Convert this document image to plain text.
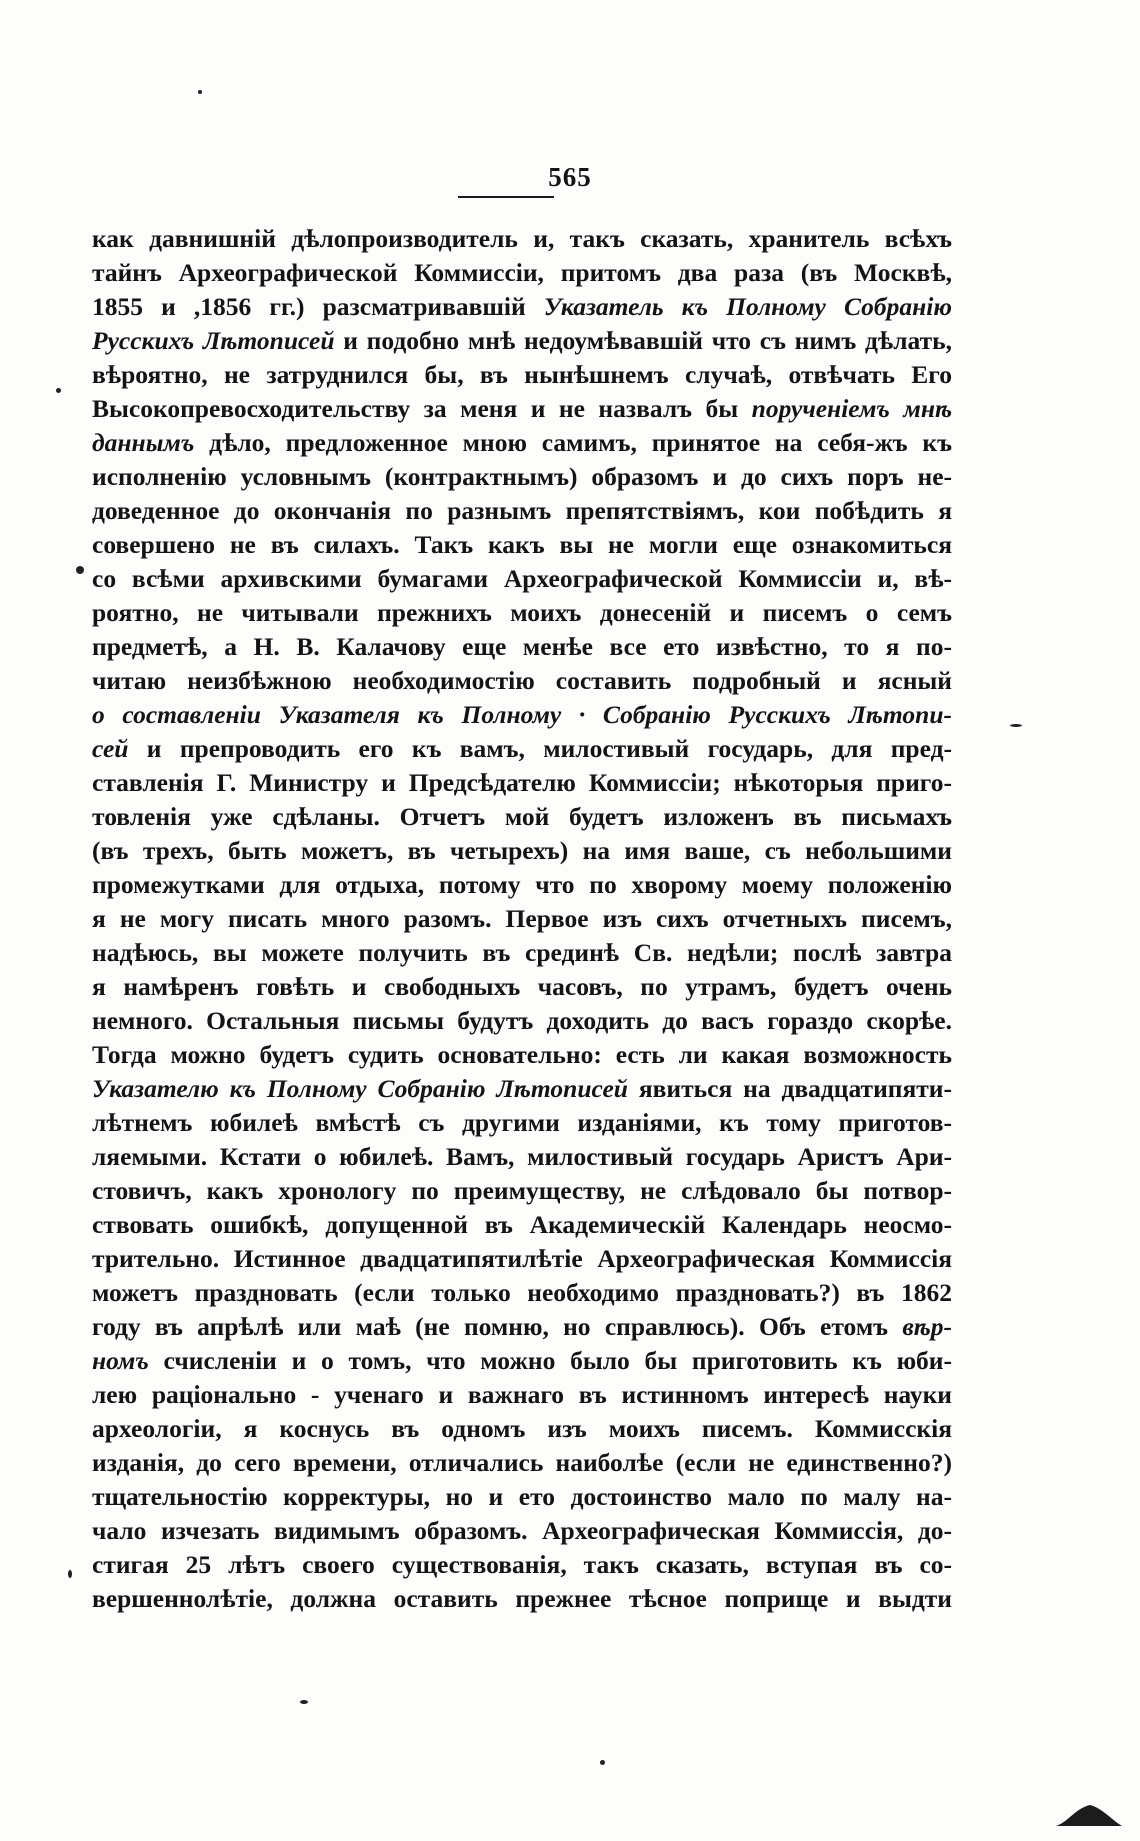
565
как давнишній дѣлопроизводитель и, такъ сказать, хранитель всѣхъ
тайнъ Археографической Коммиссіи, притомъ два раза (въ Москвѣ,
1855 и ,1856 гг.) разсматривавшій Указатель къ Полному Собранію
Русскихъ Лѣтописей и подобно мнѣ недоумѣвавшій что съ нимъ дѣлать,
вѣроятно, не затруднился бы, въ нынѣшнемъ случаѣ, отвѣчать Его
Высокопревосходительству за меня и не назвалъ бы порученіемъ мнѣ
даннымъ дѣло, предложенное мною самимъ, принятое на себя-жъ къ
исполненію условнымъ (контрактнымъ) образомъ и до сихъ поръ не-
доведенное до окончанія по разнымъ препятствіямъ, кои побѣдить я
совершено не въ силахъ. Такъ какъ вы не могли еще ознакомиться
со всѣми архивскими бумагами Археографической Коммиссіи и, вѣ-
роятно, не читывали прежнихъ моихъ донесеній и писемъ о семъ
предметѣ, а Н. В. Калачову еще менѣе все ето извѣстно, то я по-
читаю неизбѣжною необходимостію составить подробный и ясный
о составленіи Указателя къ Полному · Собранію Русскихъ Лѣтопи-
сей и препроводить его къ вамъ, милостивый государь, для пред-
ставленія Г. Министру и Предсѣдателю Коммиссіи; нѣкоторыя приго-
товленія уже сдѣланы. Отчетъ мой будетъ изложенъ въ письмахъ
(въ трехъ, быть можетъ, въ четырехъ) на имя ваше, съ небольшими
промежутками для отдыха, потому что по хворому моему положенію
я не могу писать много разомъ. Первое изъ сихъ отчетныхъ писемъ,
надѣюсь, вы можете получить въ срединѣ Св. недѣли; послѣ завтра
я намѣренъ говѣть и свободныхъ часовъ, по утрамъ, будетъ очень
немного. Остальныя письмы будутъ доходить до васъ гораздо скорѣе.
Тогда можно будетъ судить основательно: есть ли какая возможность
Указателю къ Полному Собранію Лѣтописей явиться на двадцатипяти-
лѣтнемъ юбилеѣ вмѣстѣ съ другими изданіями, къ тому приготов-
ляемыми. Кстати о юбилеѣ. Вамъ, милостивый государь Аристъ Ари-
стовичъ, какъ хронологу по преимуществу, не слѣдовало бы потвор-
ствовать ошибкѣ, допущенной въ Академическій Календарь неосмо-
трительно. Истинное двадцатипятилѣтіе Археографическая Коммиссія
можетъ праздновать (если только необходимо праздновать?) въ 1862
году въ апрѣлѣ или маѣ (не помню, но справлюсь). Объ етомъ вѣр-
номъ счисленіи и о томъ, что можно было бы приготовить къ юби-
лею раціонально - ученаго и важнаго въ истинномъ интересѣ науки
археологіи, я коснусь въ одномъ изъ моихъ писемъ. Коммисскія
изданія, до сего времени, отличались наиболѣе (если не единственно?)
тщательностію корректуры, но и ето достоинство мало по малу на-
чало изчезать видимымъ образомъ. Археографическая Коммиссія, до-
стигая 25 лѣтъ своего существованія, такъ сказать, вступая въ со-
вершеннолѣтіе, должна оставить прежнее тѣсное поприще и выдти
